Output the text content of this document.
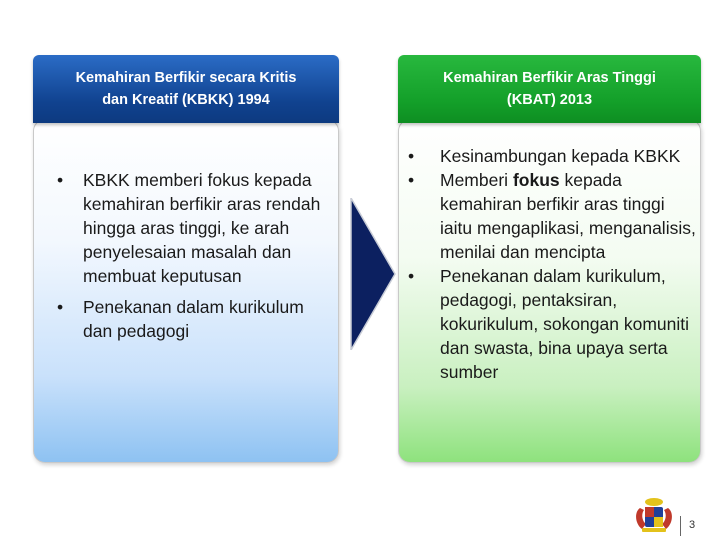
Kemahiran Berfikir secara Kritis
dan Kreatif (KBKK) 1994
•	KBKK memberi fokus kepada kemahiran berfikir aras rendah hingga aras tinggi, ke arah penyelesaian masalah dan membuat keputusan
•	Penekanan dalam kurikulum dan pedagogi
Kemahiran Berfikir Aras Tinggi
(KBAT) 2013
•	Kesinambungan kepada KBKK
•	Memberi fokus kepada kemahiran berfikir aras tinggi iaitu mengaplikasi, menganalisis, menilai dan mencipta
•	Penekanan dalam kurikulum, pedagogi, pentaksiran, kokurikulum, sokongan komuniti dan swasta, bina upaya serta sumber
3
